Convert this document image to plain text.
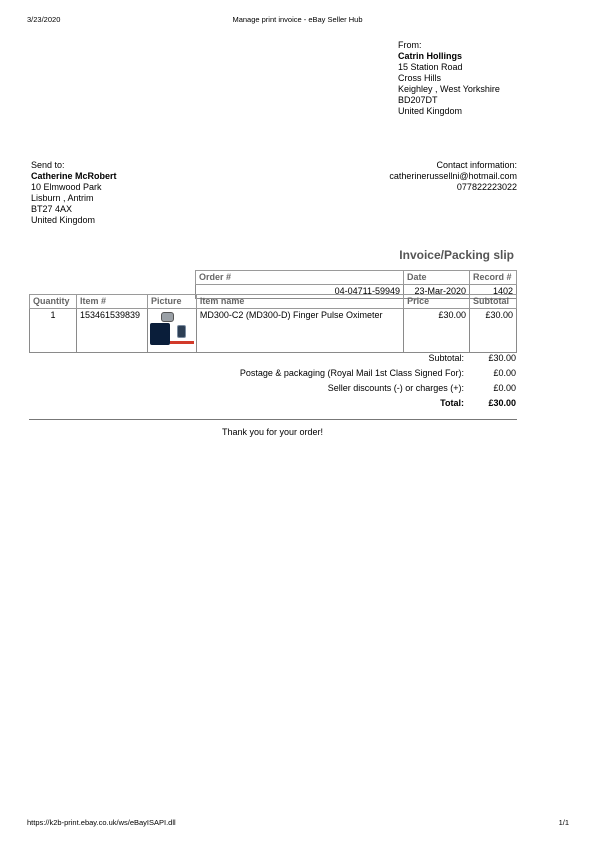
3/23/2020	Manage print invoice - eBay Seller Hub
From:
Catrin Hollings
15 Station Road
Cross Hills
Keighley , West Yorkshire
BD207DT
United Kingdom
Send to:
Catherine McRobert
10 Elmwood Park
Lisburn , Antrim
BT27 4AX
United Kingdom
Contact information:
catherinerussellni@hotmail.com
077822223022
Invoice/Packing slip
Order #	Date	Record #
04-04711-59949	23-Mar-2020	1402
Quantity	Item #	Picture	Item name	Price	Subtotal
1	153461539839		MD300-C2 (MD300-D) Finger Pulse Oximeter	£30.00	£30.00
Subtotal:	£30.00
Postage & packaging (Royal Mail 1st Class Signed For):	£0.00
Seller discounts (-) or charges (+):	£0.00
Total:	£30.00
Thank you for your order!
https://k2b-print.ebay.co.uk/ws/eBayISAPI.dll	1/1
